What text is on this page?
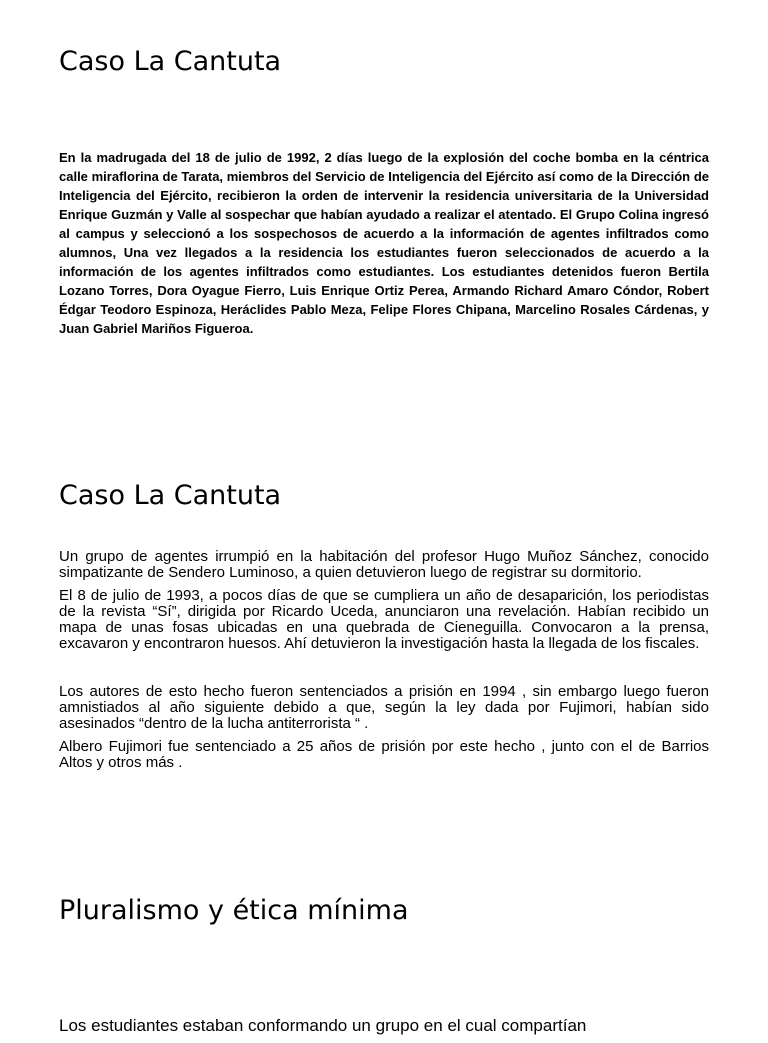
Caso La Cantuta

En la madrugada del 18 de julio de 1992, 2 días luego de la explosión del coche bomba en la céntrica calle miraflorina de Tarata, miembros del Servicio de Inteligencia del Ejército así como de la Dirección de Inteligencia del Ejército, recibieron la orden de intervenir la residencia universitaria de la Universidad Enrique Guzmán y Valle al sospechar que habían ayudado a realizar el atentado. El Grupo Colina ingresó al campus y seleccionó a los sospechosos de acuerdo a la información de agentes infiltrados como alumnos, Una vez llegados a la residencia los estudiantes fueron seleccionados de acuerdo a la información de los agentes infiltrados como estudiantes. Los estudiantes detenidos fueron Bertila Lozano Torres, Dora Oyague Fierro, Luis Enrique Ortiz Perea, Armando Richard Amaro Cóndor, Robert Édgar Teodoro Espinoza, Heráclides Pablo Meza, Felipe Flores Chipana, Marcelino Rosales Cárdenas, y Juan Gabriel Mariños Figueroa.

Caso La Cantuta

Un grupo de agentes irrumpió en la habitación del profesor Hugo Muñoz Sánchez, conocido simpatizante de Sendero Luminoso, a quien detuvieron luego de registrar su dormitorio.

El 8 de julio de 1993, a pocos días de que se cumpliera un año de desaparición, los periodistas de la revista “Sí”, dirigida por Ricardo Uceda, anunciaron una revelación. Habían recibido un mapa de unas fosas ubicadas en una quebrada de Cieneguilla. Convocaron a la prensa, excavaron y encontraron huesos. Ahí detuvieron la investigación hasta la llegada de los fiscales.

Los autores de esto hecho fueron sentenciados a prisión en 1994 , sin embargo luego fueron amnistiados al año siguiente debido a que, según la ley dada por Fujimori, habían sido asesinados “dentro de la lucha antiterrorista “ .

Albero Fujimori fue sentenciado a 25 años de prisión por este hecho , junto con el de Barrios Altos y otros más .

Pluralismo y ética mínima

Los estudiantes estaban conformando un grupo en el cual compartían
